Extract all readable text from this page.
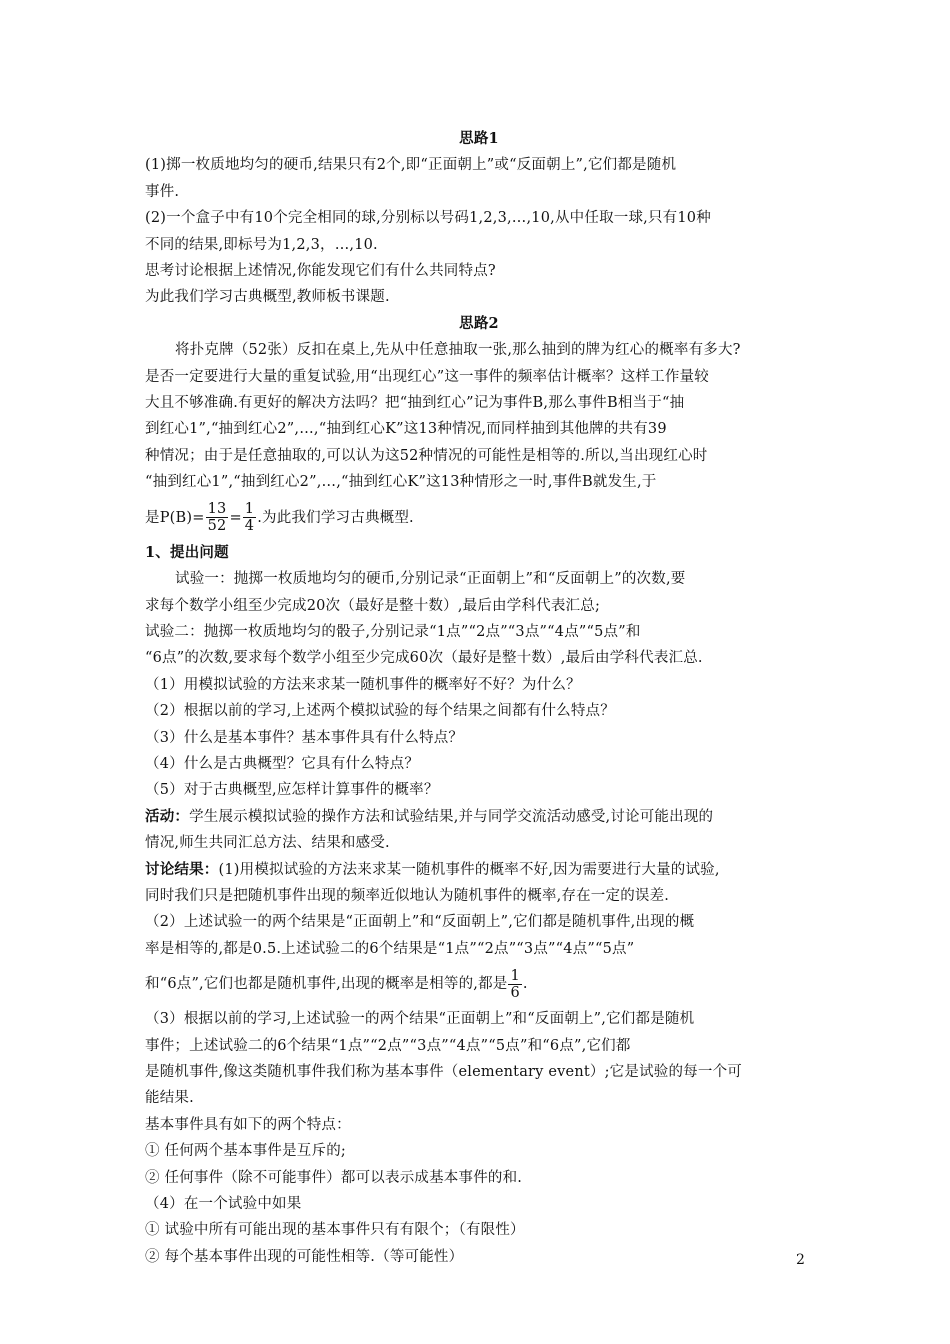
思路1
(1)掷一枚质地均匀的硬币,结果只有2个,即“正面朝上”或“反面朝上”,它们都是随机
事件.
(2)一个盒子中有10个完全相同的球,分别标以号码1,2,3,…,10,从中任取一球,只有10种
不同的结果,即标号为1,2,3，…,10.
思考讨论根据上述情况,你能发现它们有什么共同特点?
为此我们学习古典概型,教师板书课题.
思路2
将扑克牌（52张）反扣在桌上,先从中任意抽取一张,那么抽到的牌为红心的概率有多大?
是否一定要进行大量的重复试验,用“出现红心”这一事件的频率估计概率？这样工作量较
大且不够准确.有更好的解决方法吗？把“抽到红心”记为事件B,那么事件B相当于“抽
到红心1”,“抽到红心2”,…,“抽到红心K”这13种情况,而同样抽到其他牌的共有39
种情况；由于是任意抽取的,可以认为这52种情况的可能性是相等的.所以,当出现红心时
“抽到红心1”,“抽到红心2”,…,“抽到红心K”这13种情形之一时,事件B就发生,于
是$P(B)= \frac{13}{52} = \frac{1}{4}$ .为此我们学习古典概型.
1、提出问题
试验一：抛掷一枚质地均匀的硬币,分别记录“正面朝上”和“反面朝上”的次数,要
求每个数学小组至少完成20次（最好是整十数）,最后由学科代表汇总;
试验二：抛掷一枚质地均匀的骰子,分别记录“1点”“2点”“3点”“4点”“5点”和
“6点”的次数,要求每个数学小组至少完成60次（最好是整十数）,最后由学科代表汇总.
（1）用模拟试验的方法来求某一随机事件的概率好不好？为什么？
（2）根据以前的学习,上述两个模拟试验的每个结果之间都有什么特点？
（3）什么是基本事件？基本事件具有什么特点？
（4）什么是古典概型？它具有什么特点？
（5）对于古典概型,应怎样计算事件的概率？
活动：学生展示模拟试验的操作方法和试验结果,并与同学交流活动感受,讨论可能出现的
情况,师生共同汇总方法、结果和感受.
讨论结果：(1)用模拟试验的方法来求某一随机事件的概率不好,因为需要进行大量的试验,
同时我们只是把随机事件出现的频率近似地认为随机事件的概率,存在一定的误差.
（2）上述试验一的两个结果是“正面朝上”和“反面朝上”,它们都是随机事件,出现的概
率是相等的,都是0.5.上述试验二的6个结果是“1点”“2点”“3点”“4点”“5点”
和“6点”,它们也都是随机事件,出现的概率是相等的,都是 $\frac{1}{6}$ .
（3）根据以前的学习,上述试验一的两个结果“正面朝上”和“反面朝上”,它们都是随机
事件；上述试验二的6个结果“1点”“2点”“3点”“4点”“5点”和“6点”,它们都
是随机事件,像这类随机事件我们称为基本事件（elementary event）;它是试验的每一个可
能结果.
基本事件具有如下的两个特点：
① 任何两个基本事件是互斥的;
② 任何事件（除不可能事件）都可以表示成基本事件的和.
（4）在一个试验中如果
① 试验中所有可能出现的基本事件只有有限个；（有限性）
② 每个基本事件出现的可能性相等.（等可能性）	2
